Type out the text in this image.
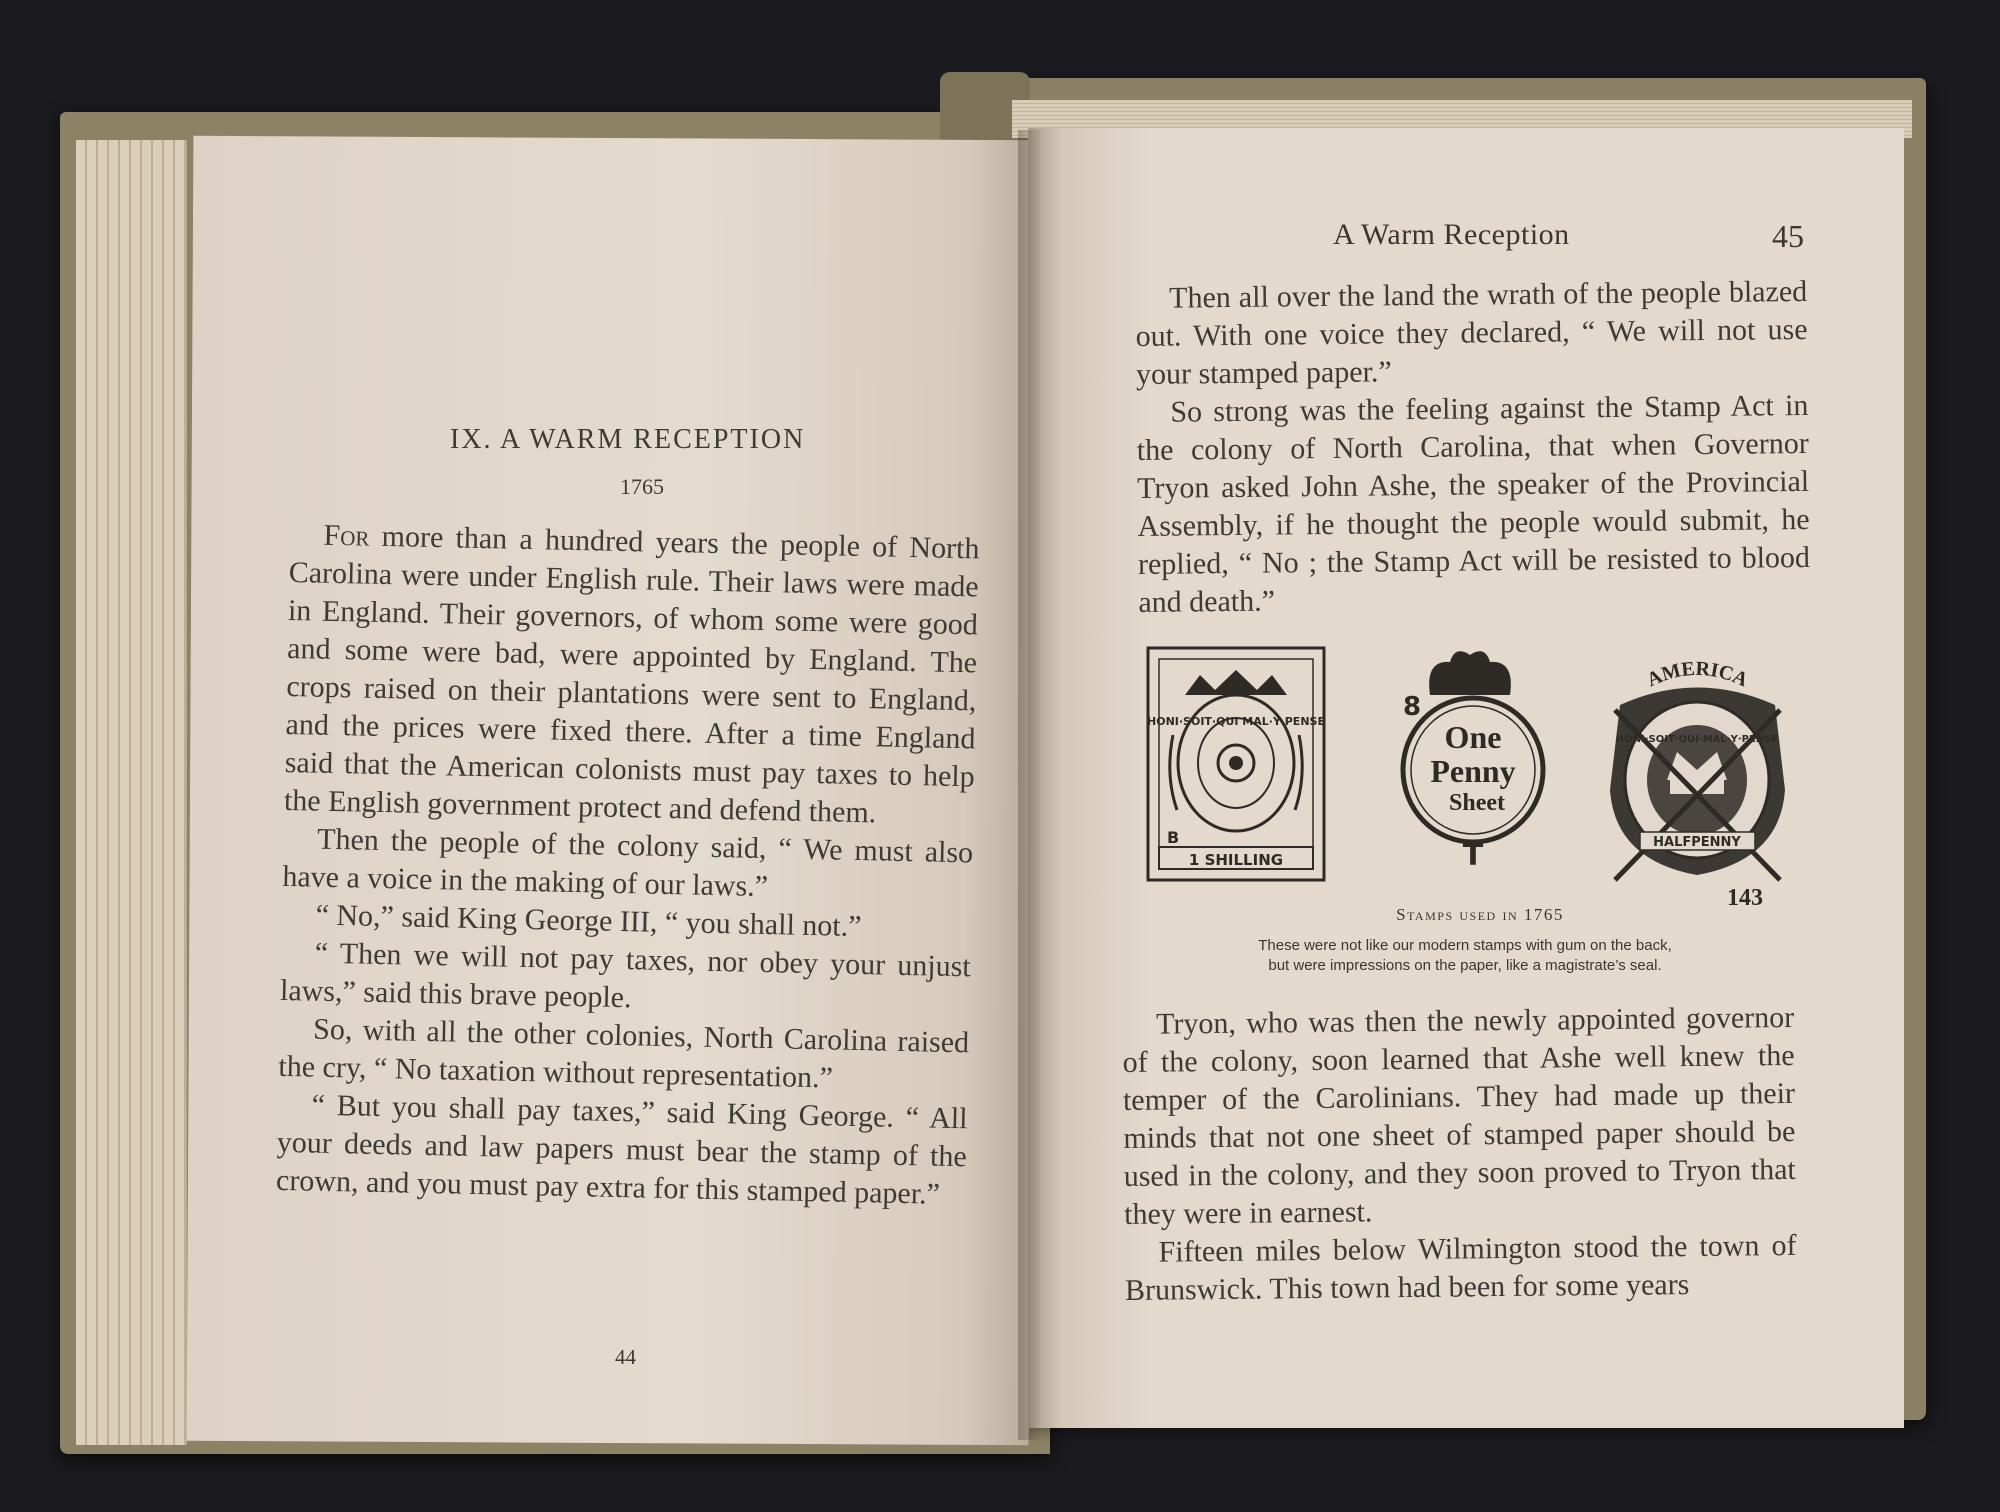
IX. A WARM RECEPTION
1765

For more than a hundred years the people of North Carolina were under English rule. Their laws were made in England. Their governors, of whom some were good and some were bad, were appointed by England. The crops raised on their plantations were sent to England, and the prices were fixed there. After a time England said that the American colonists must pay taxes to help the English government protect and defend them.

Then the people of the colony said, “ We must also have a voice in the making of our laws.”

“ No,” said King George III, “ you shall not.”

“ Then we will not pay taxes, nor obey your unjust laws,” said this brave people.

So, with all the other colonies, North Carolina raised the cry, “ No taxation without representation.”

“ But you shall pay taxes,” said King George. “ All your deeds and law papers must bear the stamp of the crown, and you must pay extra for this stamped paper.”

44
A Warm Reception	45

Then all over the land the wrath of the people blazed out. With one voice they declared, “ We will not use your stamped paper.”

So strong was the feeling against the Stamp Act in the colony of North Carolina, that when Governor Tryon asked John Ashe, the speaker of the Provincial Assembly, if he thought the people would submit, he replied, “ No ; the Stamp Act will be resisted to blood and death.”

HONI·SOIT·QUI MAL·Y PENSE
B
1 SHILLING
8
One
Penny
Sheet
T
AMERICA
HONI·SOIT·QUI·MAL·Y·PENSE
HALFPENNY
143
Stamps used in 1765
These were not like our modern stamps with gum on the back,
but were impressions on the paper, like a magistrate’s seal.

Tryon, who was then the newly appointed governor of the colony, soon learned that Ashe well knew the temper of the Carolinians. They had made up their minds that not one sheet of stamped paper should be used in the colony, and they soon proved to Tryon that they were in earnest.

Fifteen miles below Wilmington stood the town of Brunswick. This town had been for some years
